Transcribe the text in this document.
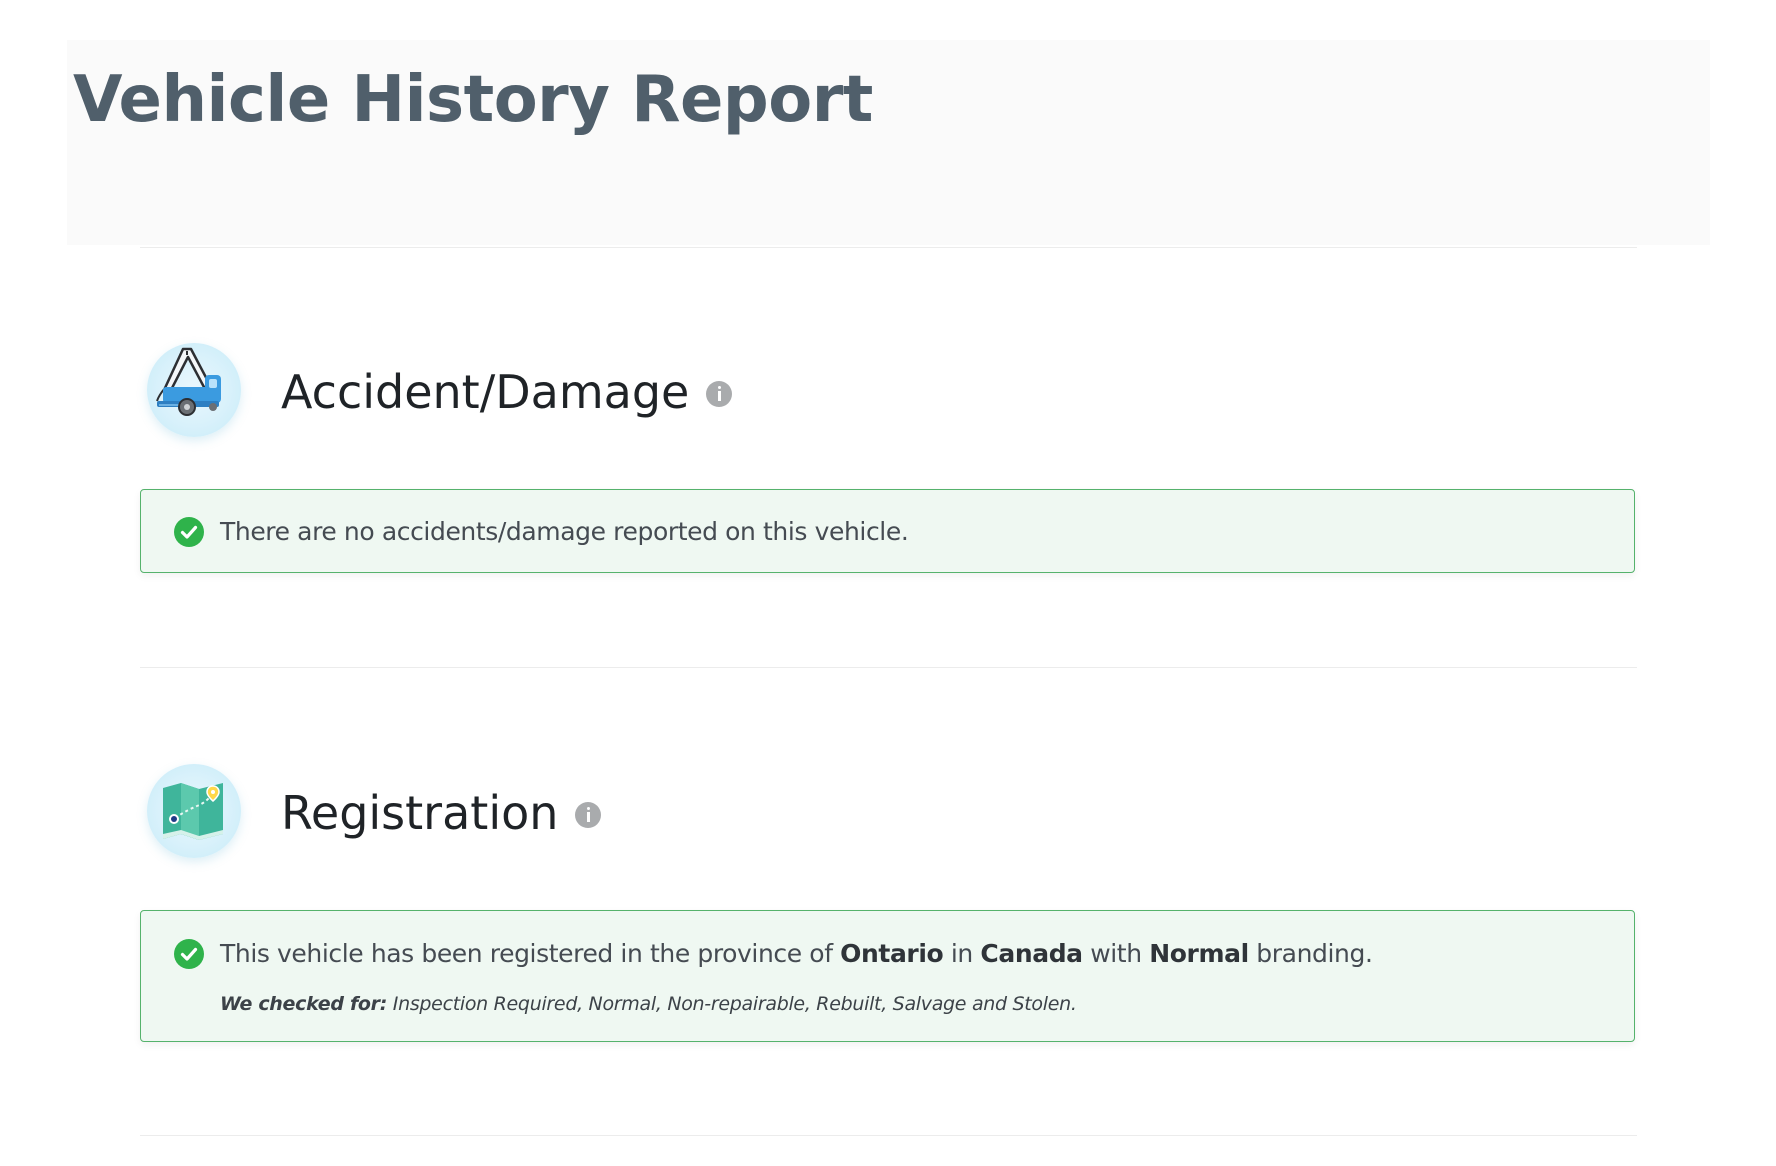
Vehicle History Report
Accident/Damage

There are no accidents/damage reported on this vehicle.

Registration

This vehicle has been registered in the province of Ontario in Canada with Normal branding.

We checked for: Inspection Required, Normal, Non-repairable, Rebuilt, Salvage and Stolen.
